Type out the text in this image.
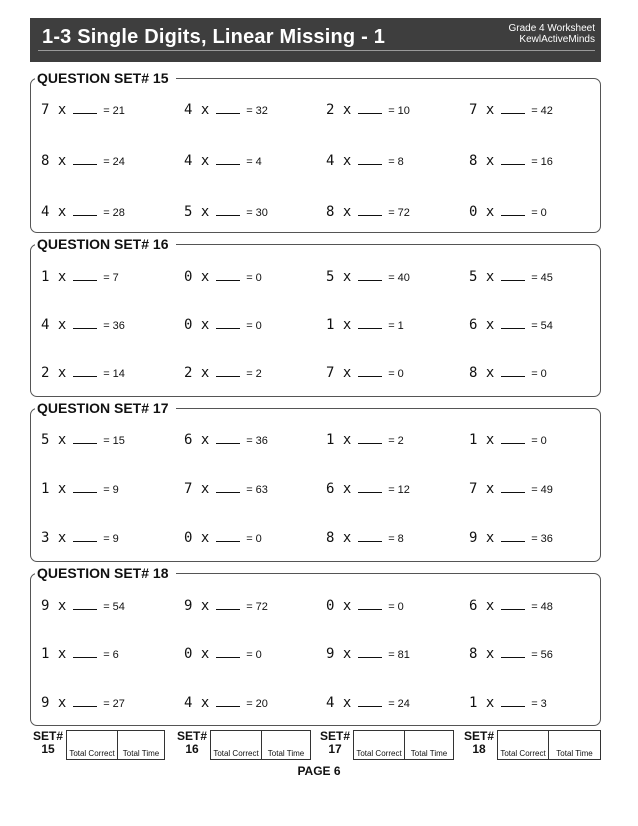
1-3 Single Digits, Linear Missing - 1	Grade 4 Worksheet
KewlActiveMinds
QUESTION SET# 15
7 x	= 21	4 x	= 32	2 x	= 10	7 x	= 42
8 x	= 24	4 x	= 4	4 x	= 8	8 x	= 16
4 x	= 28	5 x	= 30	8 x	= 72	0 x	= 0
QUESTION SET# 16
1 x	= 7	0 x	= 0	5 x	= 40	5 x	= 45
4 x	= 36	0 x	= 0	1 x	= 1	6 x	= 54
2 x	= 14	2 x	= 2	7 x	= 0	8 x	= 0
QUESTION SET# 17
5 x	= 15	6 x	= 36	1 x	= 2	1 x	= 0
1 x	= 9	7 x	= 63	6 x	= 12	7 x	= 49
3 x	= 9	0 x	= 0	8 x	= 8	9 x	= 36
QUESTION SET# 18
9 x	= 54	9 x	= 72	0 x	= 0	6 x	= 48
1 x	= 6	0 x	= 0	9 x	= 81	8 x	= 56
9 x	= 27	4 x	= 20	4 x	= 24	1 x	= 3
SET#
15	Total Correct	Total Time
SET#
16	Total Correct	Total Time
SET#
17	Total Correct	Total Time
SET#
18	Total Correct	Total Time
PAGE 6
